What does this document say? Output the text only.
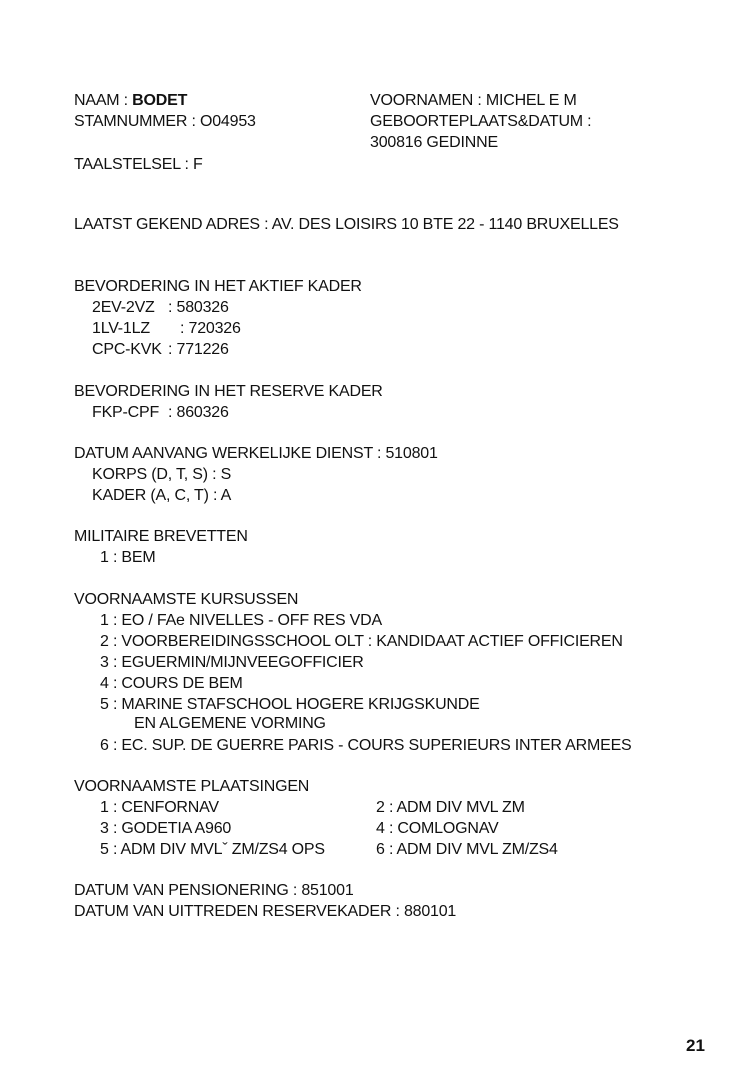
NAAM : BODET	VOORNAMEN : MICHEL E M
STAMNUMMER : O04953	GEBOORTEPLAATS&DATUM :
300816 GEDINNE
TAALSTELSEL : F
LAATST GEKEND ADRES : AV. DES LOISIRS 10 BTE 22 - 1140 BRUXELLES
BEVORDERING IN HET AKTIEF KADER
2EV-2VZ : 580326
1LV-1LZ : 720326
CPC-KVK : 771226
BEVORDERING IN HET RESERVE KADER
FKP-CPF : 860326
DATUM AANVANG WERKELIJKE DIENST : 510801
KORPS (D, T, S) : S
KADER (A, C, T) : A
MILITAIRE BREVETTEN
1 : BEM
VOORNAAMSTE KURSUSSEN
1 : EO / FAe NIVELLES - OFF RES VDA
2 : VOORBEREIDINGSSCHOOL OLT : KANDIDAAT ACTIEF OFFICIEREN
3 : EGUERMIN/MIJNVEEGOFFICIER
4 : COURS DE BEM
5 : MARINE STAFSCHOOL HOGERE KRIJGSKUNDE
EN ALGEMENE VORMING
6 : EC. SUP. DE GUERRE PARIS - COURS SUPERIEURS INTER ARMEES
VOORNAAMSTE PLAATSINGEN
1 : CENFORNAV	2 : ADM DIV MVL ZM
3 : GODETIA A960	4 : COMLOGNAV
5 : ADM DIV MVLˇ ZM/ZS4 OPS	6 : ADM DIV MVL ZM/ZS4
DATUM VAN PENSIONERING : 851001
DATUM VAN UITTREDEN RESERVEKADER : 880101
21
